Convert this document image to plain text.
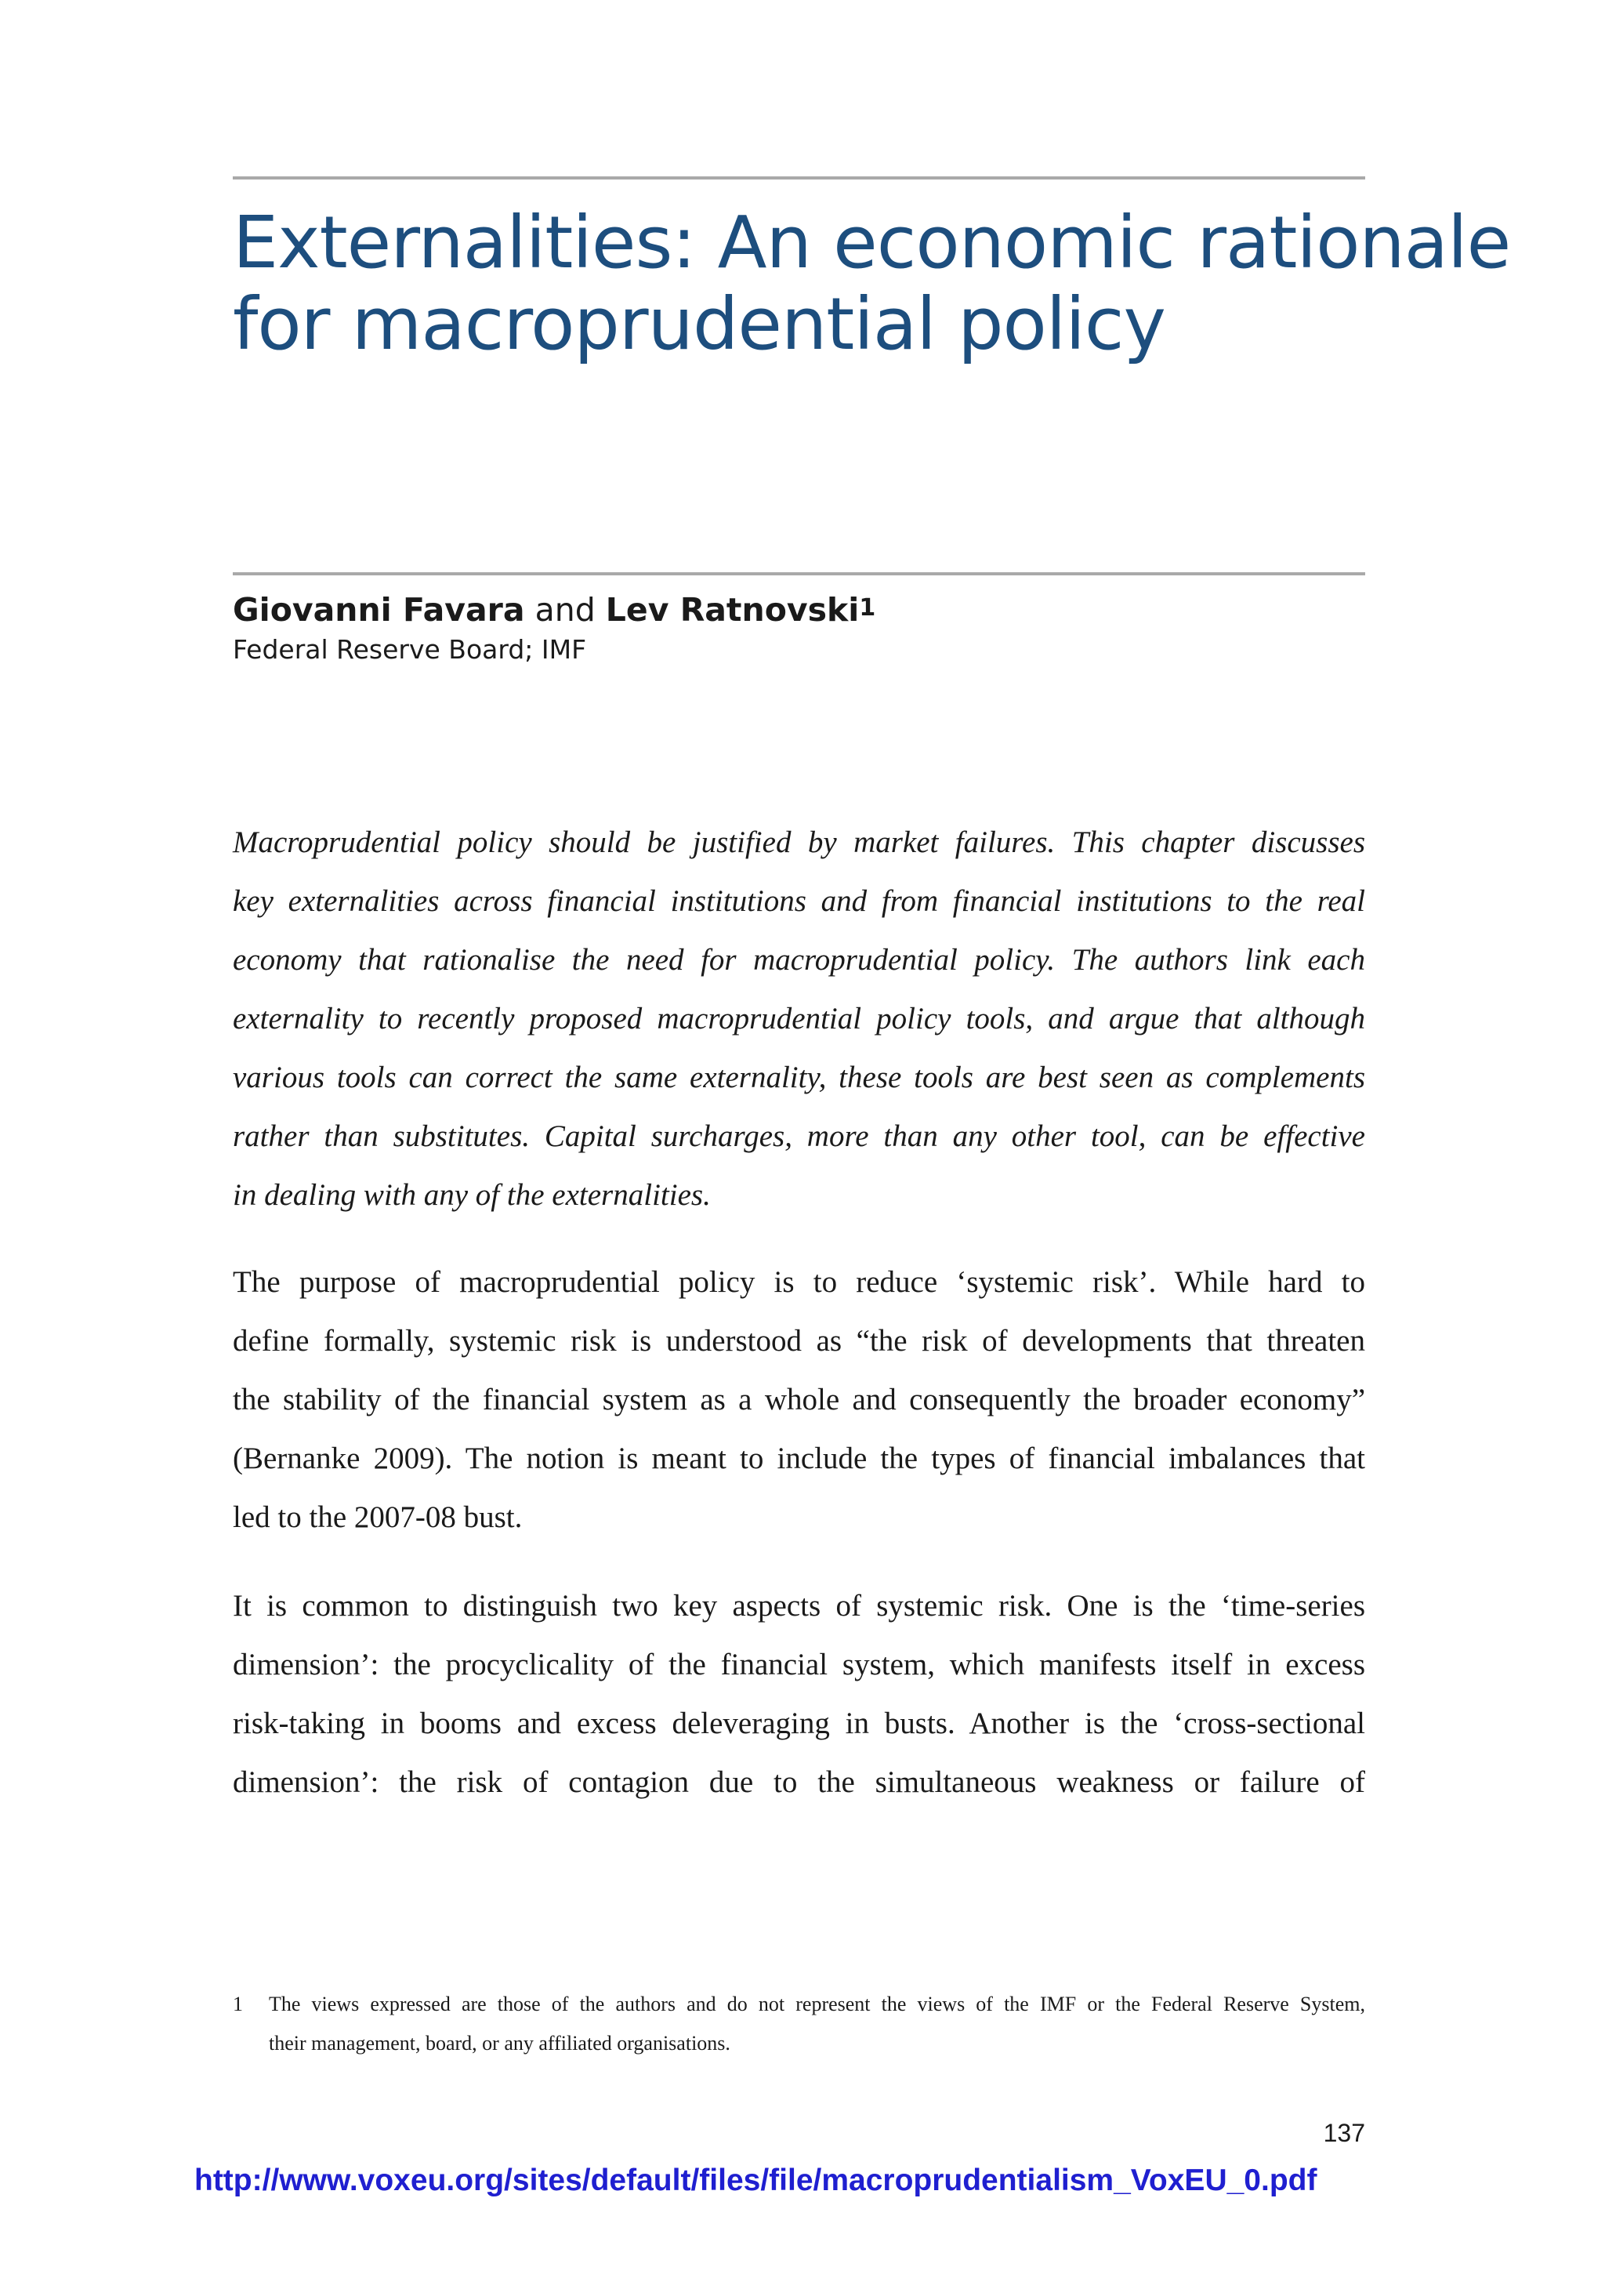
Externalities: An economic rationale
for macroprudential policy
Giovanni Favara and Lev Ratnovski$^1$
Federal Reserve Board; IMF

Macroprudential policy should be justified by market failures. This chapter discusses
key externalities across financial institutions and from financial institutions to the real
economy that rationalise the need for macroprudential policy. The authors link each
externality to recently proposed macroprudential policy tools, and argue that although
various tools can correct the same externality, these tools are best seen as complements
rather than substitutes. Capital surcharges, more than any other tool, can be effective
in dealing with any of the externalities.

The purpose of macroprudential policy is to reduce ‘systemic risk’. While hard to
define formally, systemic risk is understood as “the risk of developments that threaten
the stability of the financial system as a whole and consequently the broader economy”
(Bernanke 2009). The notion is meant to include the types of financial imbalances that
led to the 2007-08 bust.

It is common to distinguish two key aspects of systemic risk. One is the ‘time-series
dimension’: the procyclicality of the financial system, which manifests itself in excess
risk-taking in booms and excess deleveraging in busts. Another is the ‘cross-sectional
dimension’: the risk of contagion due to the simultaneous weakness or failure of

1 The views expressed are those of the authors and do not represent the views of the IMF or the Federal Reserve System,
their management, board, or any affiliated organisations.
137
http://www.voxeu.org/sites/default/files/file/macroprudentialism_VoxEU_0.pdf
